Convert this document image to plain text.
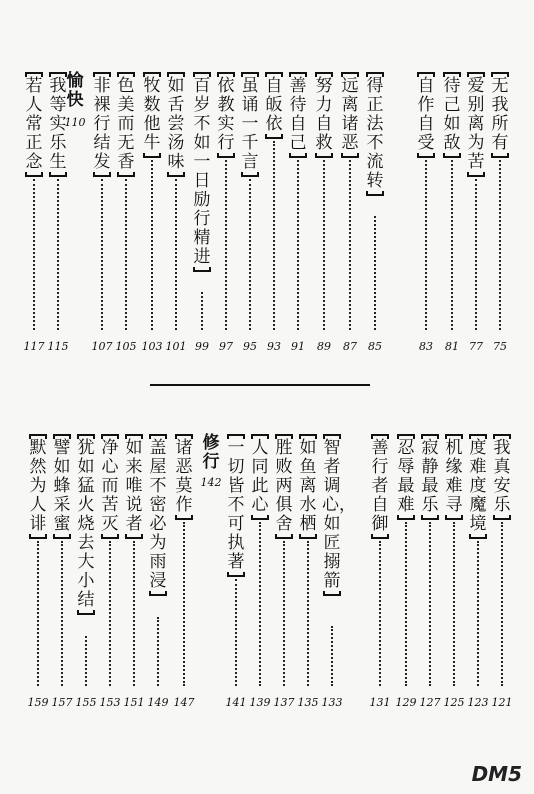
无我所有
75
爱别离为苦
77
待己如敌
81
自作自受
83
得正法不流转
85
远离诸恶
87
努力自救
89
善待自己
91
自皈依
93
虽诵一千言
95
依教实行
97
百岁不如一日励行精进
99
如舌尝汤味
101
牧数他牛
103
色美而无香
105
非裸行结发
107
愉快
110
我等实乐生
115
若人常正念
117
我真安乐
121
度难度魔境
123
机缘难寻
125
寂静最乐
127
忍辱最难
129
善行者自御
131
智者调心，如匠搦箭
133
如鱼离水栖
135
胜败两俱舍
137
人同此心
139
一切皆不可执著
141
修行
142
诸恶莫作
147
盖屋不密必为雨浸
149
如来唯说者
151
净心而苦灭
153
犹如猛火烧去大小结
155
譬如蜂采蜜
157
默然为人诽
159
DM5
